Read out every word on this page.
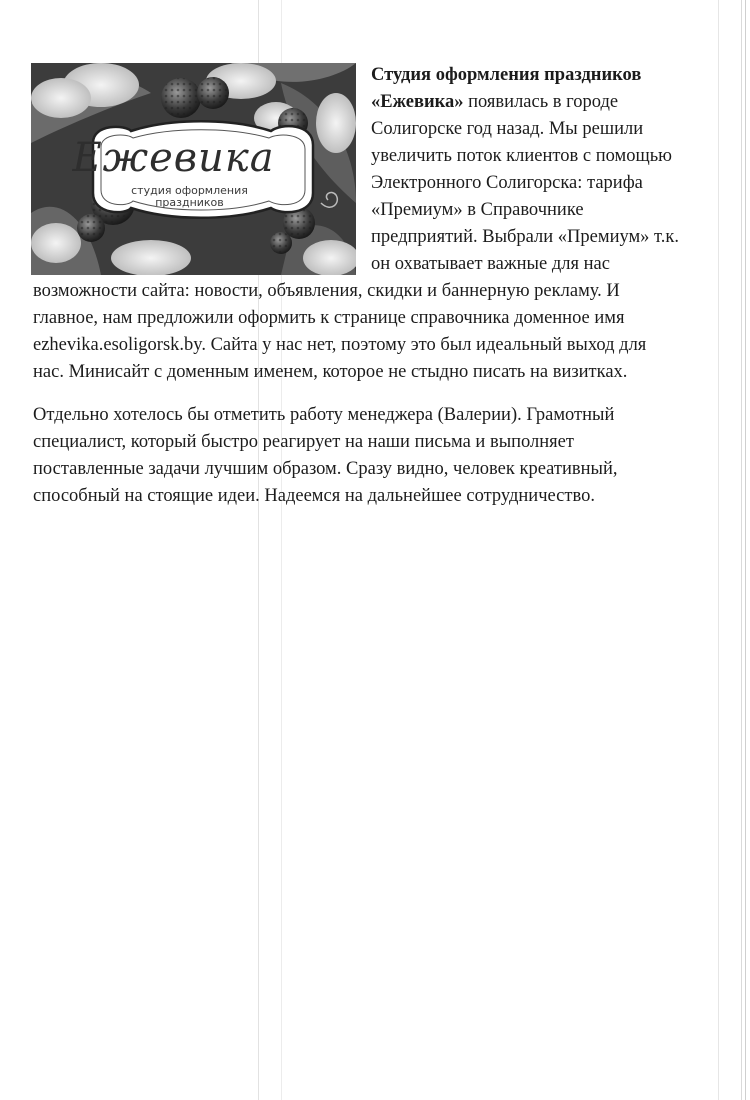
Ежевика
студия оформления
праздников
Студия оформления праздников
«Ежевика» появилась в городе
Солигорске год назад. Мы решили
увеличить поток клиентов с помощью
Электронного Солигорска: тарифа
«Премиум» в Справочнике
предприятий. Выбрали «Премиум» т.к.
он охватывает важные для нас
возможности сайта: новости, объявления, скидки и баннерную рекламу. И
главное, нам предложили оформить к странице справочника доменное имя
ezhevika.esoligorsk.by. Сайта у нас нет, поэтому это был идеальный выход для
нас. Минисайт с доменным именем, которое не стыдно писать на визитках.
Отдельно хотелось бы отметить работу менеджера (Валерии). Грамотный
специалист, который быстро реагирует на наши письма и выполняет
поставленные задачи лучшим образом. Сразу видно, человек креативный,
способный на стоящие идеи. Надеемся на дальнейшее сотрудничество.
